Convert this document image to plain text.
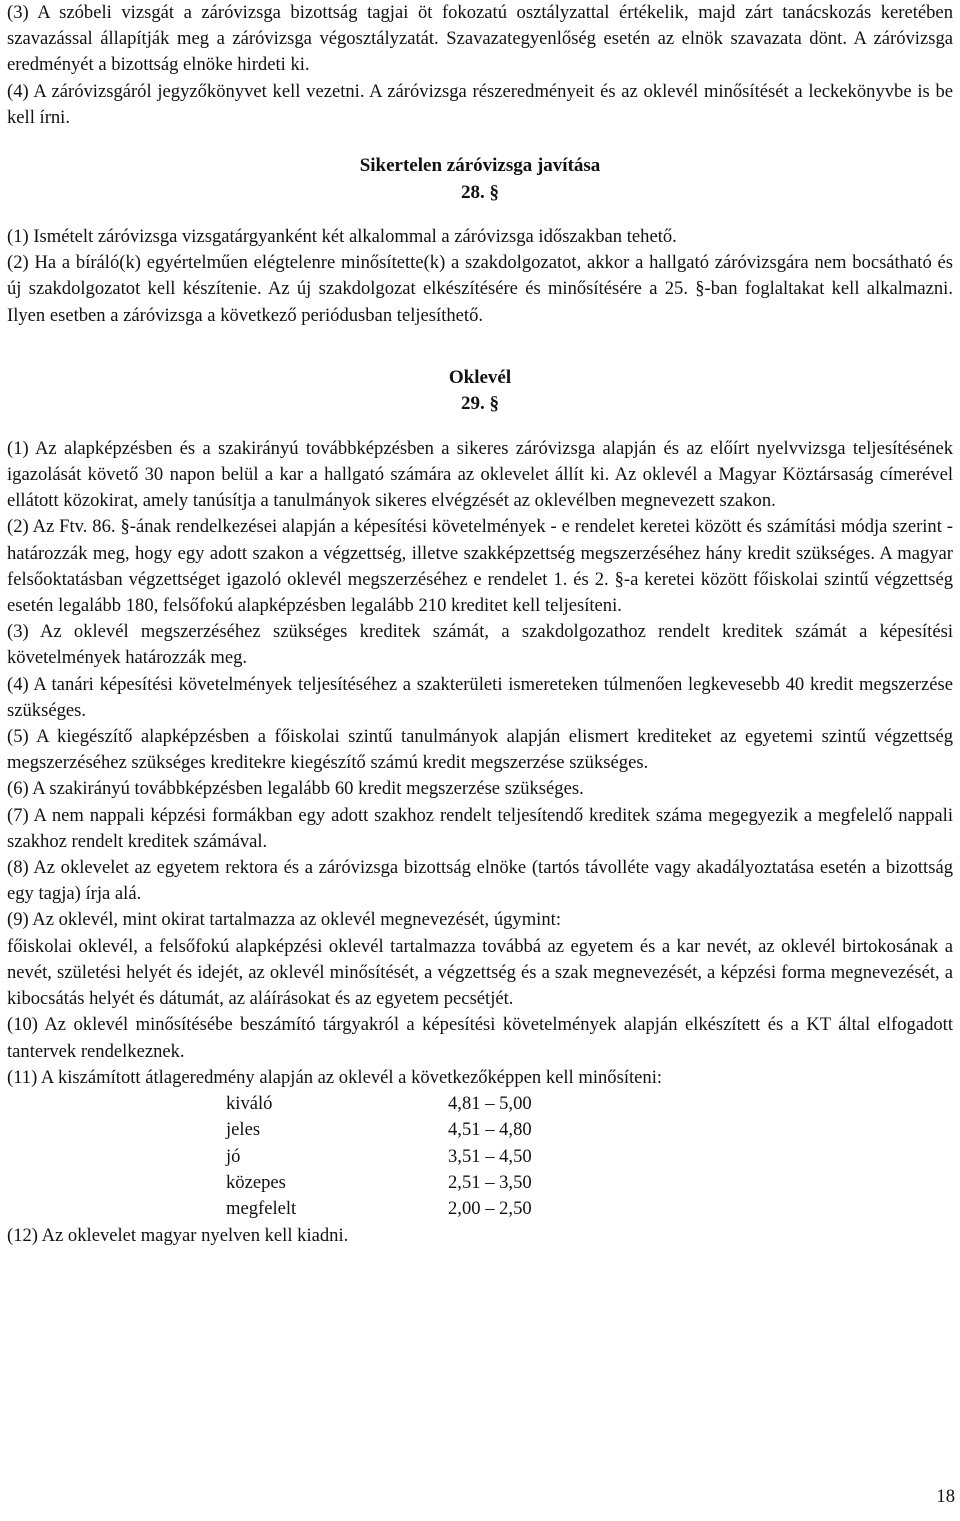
(3) A szóbeli vizsgát a záróvizsga bizottság tagjai öt fokozatú osztályzattal értékelik, majd zárt tanácskozás keretében szavazással állapítják meg a záróvizsga végosztályzatát. Szavazategyenlőség esetén az elnök szavazata dönt. A záróvizsga eredményét a bizottság elnöke hirdeti ki.

(4) A záróvizsgáról jegyzőkönyvet kell vezetni. A záróvizsga részeredményeit és az oklevél minősítését a leckekönyvbe is be kell írni.

Sikertelen záróvizsga javítása

28. §

(1) Ismételt záróvizsga vizsgatárgyanként két alkalommal a záróvizsga időszakban tehető.

(2) Ha a bíráló(k) egyértelműen elégtelenre minősítette(k) a szakdolgozatot, akkor a hallgató záróvizsgára nem bocsátható és új szakdolgozatot kell készítenie. Az új szakdolgozat elkészítésére és minősítésére a 25. §-ban foglaltakat kell alkalmazni. Ilyen esetben a záróvizsga a következő periódusban teljesíthető.

Oklevél

29. §

(1) Az alapképzésben és a szakirányú továbbképzésben a sikeres záróvizsga alapján és az előírt nyelvvizsga teljesítésének igazolását követő 30 napon belül a kar a hallgató számára az oklevelet állít ki. Az oklevél a Magyar Köztársaság címerével ellátott közokirat, amely tanúsítja a tanulmányok sikeres elvégzését az oklevélben megnevezett szakon.

(2) Az Ftv. 86. §-ának rendelkezései alapján a képesítési követelmények - e rendelet keretei között és számítási módja szerint - határozzák meg, hogy egy adott szakon a végzettség, illetve szakképzettség megszerzéséhez hány kredit szükséges. A magyar felsőoktatásban végzettséget igazoló oklevél megszerzéséhez e rendelet 1. és 2. §-a keretei között főiskolai szintű végzettség esetén legalább 180, felsőfokú alapképzésben legalább 210 kreditet kell teljesíteni.

(3) Az oklevél megszerzéséhez szükséges kreditek számát, a szakdolgozathoz rendelt kreditek számát a képesítési követelmények határozzák meg.

(4) A tanári képesítési követelmények teljesítéséhez a szakterületi ismereteken túlmenően legkevesebb 40 kredit megszerzése szükséges.

(5) A kiegészítő alapképzésben a főiskolai szintű tanulmányok alapján elismert krediteket az egyetemi szintű végzettség megszerzéséhez szükséges kreditekre kiegészítő számú kredit megszerzése szükséges.

(6) A szakirányú továbbképzésben legalább 60 kredit megszerzése szükséges.

(7) A nem nappali képzési formákban egy adott szakhoz rendelt teljesítendő kreditek száma megegyezik a megfelelő nappali szakhoz rendelt kreditek számával.

(8) Az oklevelet az egyetem rektora és a záróvizsga bizottság elnöke (tartós távolléte vagy akadályoztatása esetén a bizottság egy tagja) írja alá.

(9) Az oklevél, mint okirat tartalmazza az oklevél megnevezését, úgymint:

főiskolai oklevél, a felsőfokú alapképzési oklevél tartalmazza továbbá az egyetem és a kar nevét, az oklevél birtokosának a nevét, születési helyét és idejét, az oklevél minősítését, a végzettség és a szak megnevezését, a képzési forma megnevezését, a kibocsátás helyét és dátumát, az aláírásokat és az egyetem pecsétjét.

(10) Az oklevél minősítésébe beszámító tárgyakról a képesítési követelmények alapján elkészített és a KT által elfogadott tantervek rendelkeznek.

(11) A kiszámított átlageredmény alapján az oklevél a következőképpen kell minősíteni:

kiváló	4,81 – 5,00
jeles	4,51 – 4,80
jó	3,51 – 4,50
közepes	2,51 – 3,50
megfelelt	2,00 – 2,50

(12) Az oklevelet magyar nyelven kell kiadni.

18
